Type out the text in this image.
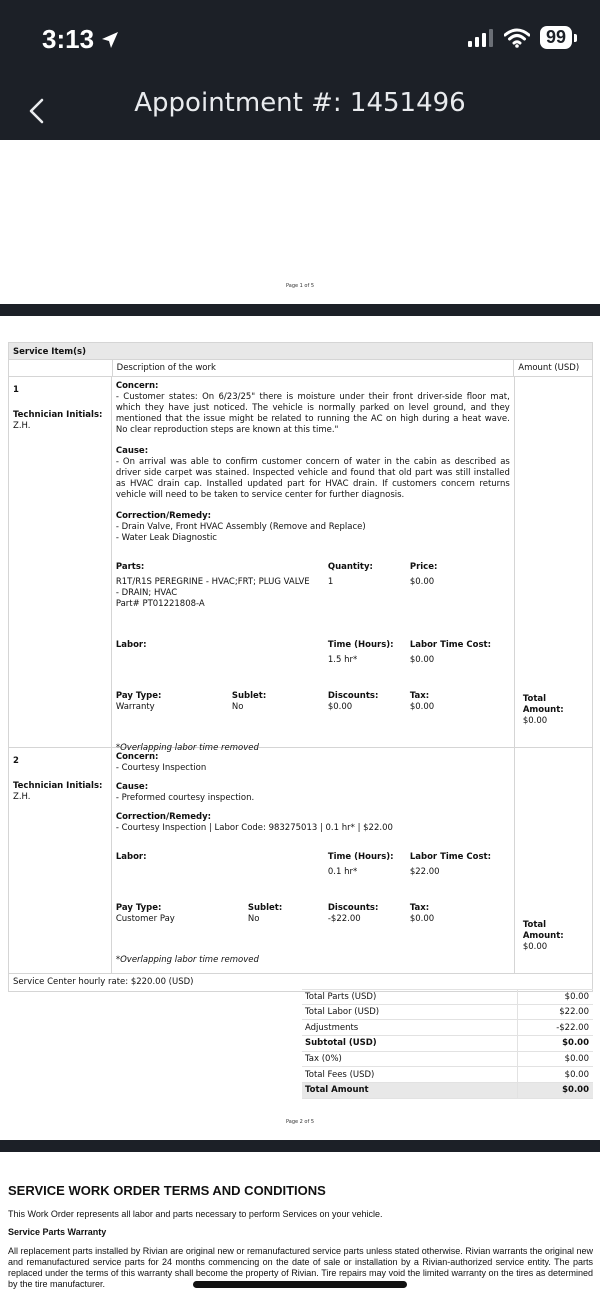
3:13	99
Appointment #: 1451496
Page 1 of 5
Service Item(s)
Description of the work	Amount (USD)
1
Technician Initials:
Z.H.
Concern:
- Customer states: On 6/23/25" there is moisture under their front driver-side floor mat, which they have just noticed. The vehicle is normally parked on level ground, and they mentioned that the issue might be related to running the AC on high during a heat wave. No clear reproduction steps are known at this time."
Cause:
- On arrival was able to confirm customer concern of water in the cabin as described as driver side carpet was stained. Inspected vehicle and found that old part was still installed as HVAC drain cap. Installed updated part for HVAC drain. If customers concern returns vehicle will need to be taken to service center for further diagnosis.
Correction/Remedy:
- Drain Valve, Front HVAC Assembly (Remove and Replace)
- Water Leak Diagnostic
Parts:	Quantity:	Price:
R1T/R1S PEREGRINE - HVAC;FRT; PLUG VALVE - DRAIN; HVAC
Part# PT01221808-A
1	$0.00
Labor:	Time (Hours):	Labor Time Cost:
1.5 hr*	$0.00
Pay Type:	Sublet:	Discounts:	Tax:
Warranty	No	$0.00	$0.00
*Overlapping labor time removed
Total Amount:
$0.00
2
Technician Initials:
Z.H.
Concern:
- Courtesy Inspection
Cause:
- Preformed courtesy inspection.
Correction/Remedy:
- Courtesy Inspection | Labor Code: 983275013 | 0.1 hr* | $22.00
Labor:	Time (Hours):	Labor Time Cost:
0.1 hr*	$22.00
Pay Type:	Sublet:	Discounts:	Tax:
Customer Pay	No	-$22.00	$0.00
*Overlapping labor time removed
Total Amount:
$0.00
Service Center hourly rate: $220.00 (USD)
Total Parts (USD)	$0.00
Total Labor (USD)	$22.00
Adjustments	-$22.00
Subtotal (USD)	$0.00
Tax (0%)	$0.00
Total Fees (USD)	$0.00
Total Amount	$0.00
Page 2 of 5
SERVICE WORK ORDER TERMS AND CONDITIONS

This Work Order represents all labor and parts necessary to perform Services on your vehicle.

Service Parts Warranty

All replacement parts installed by Rivian are original new or remanufactured service parts unless stated otherwise. Rivian warrants the original new and remanufactured service parts for 24 months commencing on the date of sale or installation by a Rivian-authorized service entity. The parts replaced under the terms of this warranty shall become the property of Rivian. Tire repairs may void the limited warranty on the tires as determined by the tire manufacturer.
